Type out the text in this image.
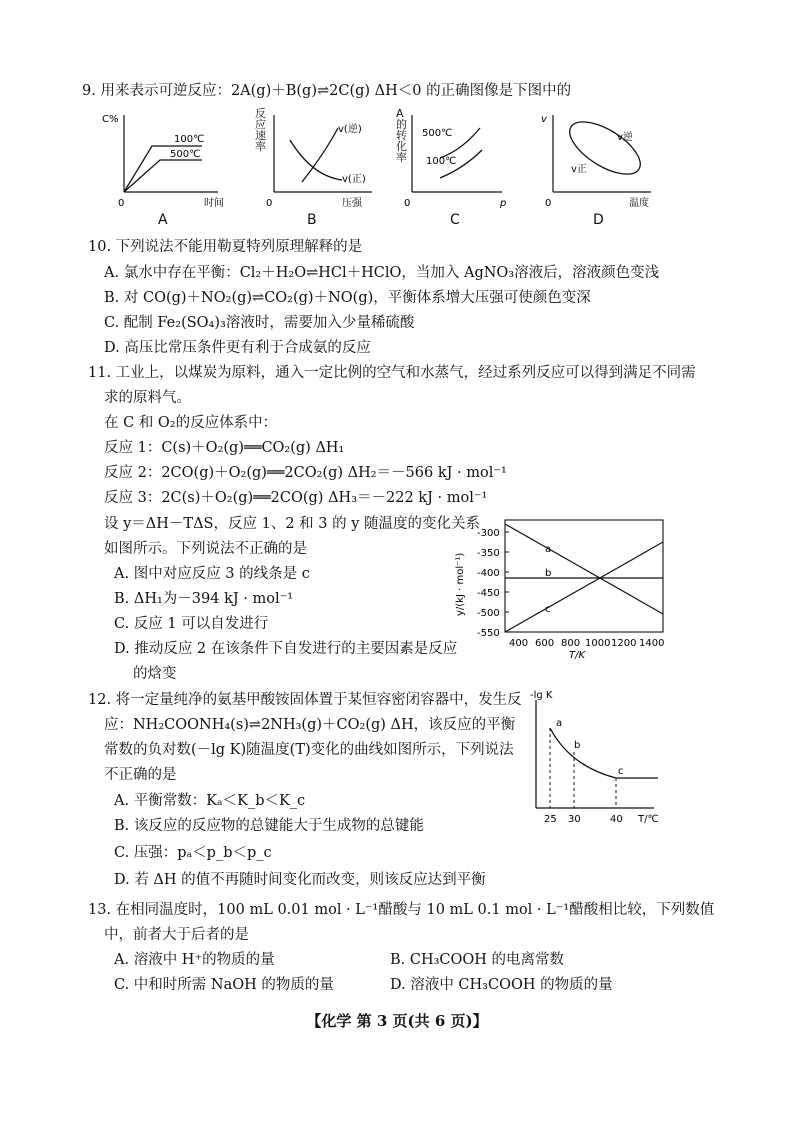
9. 用来表示可逆反应：2A(g)＋B(g)⇌2C(g) ΔH＜0 的正确图像是下图中的
100℃
500℃
C%
0	时间
A
v(逆)
v(正)
0	压强
反应速率
B
500℃
100℃
0	p
A的转化率
C
v
v逆
v正
0	温度
D
10. 下列说法不能用勒夏特列原理解释的是
A. 氯水中存在平衡：Cl₂＋H₂O⇌HCl＋HClO，当加入 AgNO₃溶液后，溶液颜色变浅
B. 对 CO(g)＋NO₂(g)⇌CO₂(g)＋NO(g)，平衡体系增大压强可使颜色变深
C. 配制 Fe₂(SO₄)₃溶液时，需要加入少量稀硫酸
D. 高压比常压条件更有利于合成氨的反应
11. 工业上，以煤炭为原料，通入一定比例的空气和水蒸气，经过系列反应可以得到满足不同需
求的原料气。
在 C 和 O₂的反应体系中：
反应 1：C(s)＋O₂(g)══CO₂(g) ΔH₁
反应 2：2CO(g)＋O₂(g)══2CO₂(g) ΔH₂＝－566 kJ · mol⁻¹
反应 3：2C(s)＋O₂(g)══2CO(g) ΔH₃＝－222 kJ · mol⁻¹
设 y＝ΔH－TΔS，反应 1、2 和 3 的 y 随温度的变化关系
如图所示。下列说法不正确的是
A. 图中对应反应 3 的线条是 c
B. ΔH₁为－394 kJ · mol⁻¹
C. 反应 1 可以自发进行
D. 推动反应 2 在该条件下自发进行的主要因素是反应
的焓变
a
b
c
-300
-350
-400
-450
-500
-550
400 600 800 1000 1200 1400
T/K
y/(kJ · mol⁻¹)
12. 将一定量纯净的氨基甲酸铵固体置于某恒容密闭容器中，发生反
应：NH₂COONH₄(s)⇌2NH₃(g)＋CO₂(g) ΔH，该反应的平衡
常数的负对数(－lg K)随温度(T)变化的曲线如图所示，下列说法
不正确的是
A. 平衡常数：Kₐ＜K_b＜K_c
B. 该反应的反应物的总键能大于生成物的总键能
C. 压强：pₐ＜p_b＜p_c
D. 若 ΔH 的值不再随时间变化而改变，则该反应达到平衡
-lg K
a
b
c
25 30	40 T/℃
13. 在相同温度时，100 mL 0.01 mol · L⁻¹醋酸与 10 mL 0.1 mol · L⁻¹醋酸相比较，下列数值
中，前者大于后者的是
A. 溶液中 H⁺的物质的量	B. CH₃COOH 的电离常数
C. 中和时所需 NaOH 的物质的量	D. 溶液中 CH₃COOH 的物质的量
【化学 第 3 页(共 6 页)】
